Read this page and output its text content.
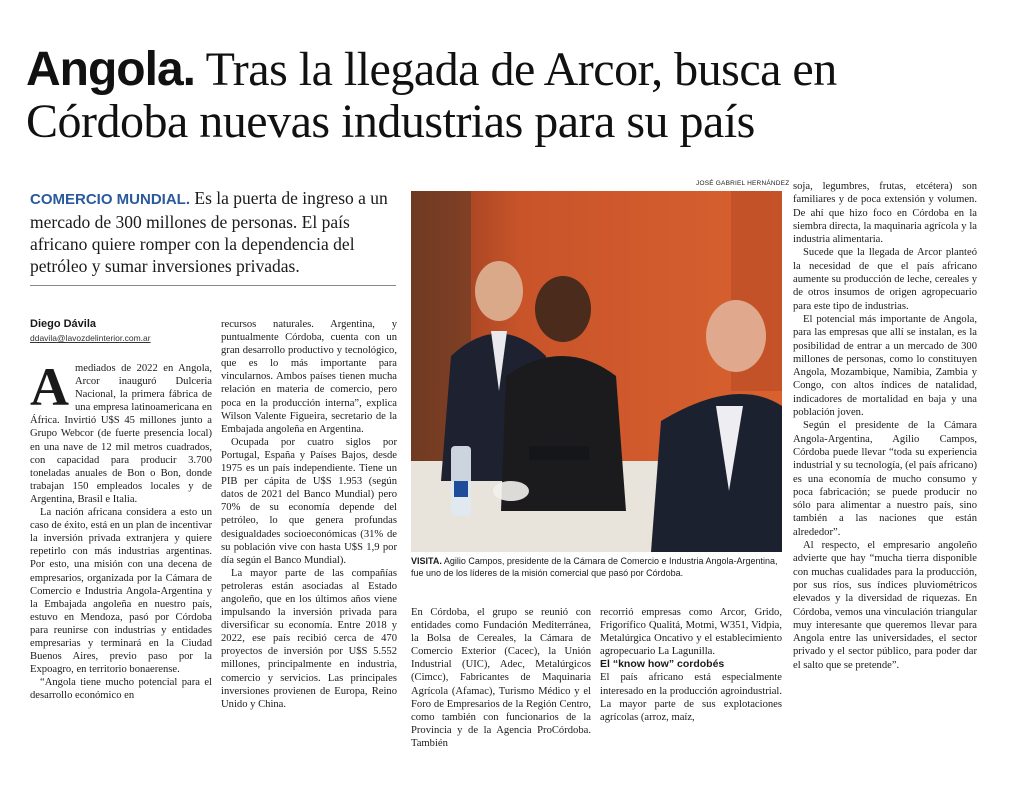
Angola. Tras la llegada de Arcor, busca en Córdoba nuevas industrias para su país
COMERCIO MUNDIAL. Es la puerta de ingreso a un mercado de 300 millones de personas. El país africano quiere romper con la dependencia del petróleo y sumar inversiones privadas.
Diego Dávila
ddavila@lavozdelinterior.com.ar

Amediados de 2022 en Angola, Arcor inauguró Dulceria Nacional, la primera fábrica de una empresa latinoamericana en África. Invirtió U$S 45 millones junto a Grupo Webcor (de fuerte presencia local) en una nave de 12 mil metros cuadrados, con capacidad para producir 3.700 toneladas anuales de Bon o Bon, donde trabajan 150 empleados locales y de Argentina, Brasil e Italia.

La nación africana considera a esto un caso de éxito, está en un plan de incentivar la inversión privada extranjera y quiere repetirlo con más industrias argentinas. Por esto, una misión con una decena de empresarios, organizada por la Cámara de Comercio e Industria Angola-Argentina y la Embajada angoleña en nuestro país, estuvo en Mendoza, pasó por Córdoba para reunirse con industrias y entidades empresarias y terminará en la Ciudad Buenos Aires, previo paso por la Expoagro, en territorio bonaerense.

“Angola tiene mucho potencial para el desarrollo económico en

recursos naturales. Argentina, y puntualmente Córdoba, cuenta con un gran desarrollo productivo y tecnológico, que es lo más importante para vincularnos. Ambos países tienen mucha relación en materia de comercio, pero poca en la producción interna”, explica Wilson Valente Figueira, secretario de la Embajada angoleña en Argentina.

Ocupada por cuatro siglos por Portugal, España y Países Bajos, desde 1975 es un país independiente. Tiene un PIB per cápita de U$S 1.953 (según datos de 2021 del Banco Mundial) pero 70% de su economía depende del petróleo, lo que genera profundas desigualdades socioeconómicas (31% de su población vive con hasta U$S 1,9 por día según el Banco Mundial).

La mayor parte de las compañías petroleras están asociadas al Estado angoleño, que en los últimos años viene impulsando la inversión privada para diversificar su economía. Entre 2018 y 2022, ese país recibió cerca de 470 proyectos de inversión por U$S 5.552 millones, principalmente en industria, comercio y servicios. Las principales inversiones provienen de Europa, Reino Unido y China.

JOSÉ GABRIEL HERNÁNDEZ
VISITA. Agilio Campos, presidente de la Cámara de Comercio e Industria Angola-Argentina, fue uno de los líderes de la misión comercial que pasó por Córdoba.

En Córdoba, el grupo se reunió con entidades como Fundación Mediterránea, la Bolsa de Cereales, la Cámara de Comercio Exterior (Cacec), la Unión Industrial (UIC), Adec, Metalúrgicos (Cimcc), Fabricantes de Maquinaria Agrícola (Afamac), Turismo Médico y el Foro de Empresarios de la Región Centro, como también con funcionarios de la Provincia y de la Agencia ProCórdoba. También

recorrió empresas como Arcor, Grido, Frigorífico Qualitá, Motmi, W351, Vidpia, Metalúrgica Oncativo y el establecimiento agropecuario La Lagunilla.

El “know how” cordobés

El país africano está especialmente interesado en la producción agroindustrial. La mayor parte de sus explotaciones agrícolas (arroz, maíz,

soja, legumbres, frutas, etcétera) son familiares y de poca extensión y volumen. De ahí que hizo foco en Córdoba en la siembra directa, la maquinaria agrícola y la industria alimentaria.

Sucede que la llegada de Arcor planteó la necesidad de que el país africano aumente su producción de leche, cereales y de otros insumos de origen agropecuario para este tipo de industrias.

El potencial más importante de Angola, para las empresas que allí se instalan, es la posibilidad de entrar a un mercado de 300 millones de personas, como lo constituyen Angola, Mozambique, Namibia, Zambia y Congo, con altos índices de natalidad, indicadores de mortalidad en baja y una población joven.

Según el presidente de la Cámara Angola-Argentina, Agilio Campos, Córdoba puede llevar “toda su experiencia industrial y su tecnología, (el país africano) es una economía de mucho consumo y poca fabricación; se puede producir no sólo para alimentar a nuestro país, sino también a las naciones que están alrededor”.

Al respecto, el empresario angoleño advierte que hay “mucha tierra disponible con muchas cualidades para la producción, por sus ríos, sus índices pluviométricos elevados y la diversidad de riquezas. En Córdoba, vemos una vinculación triangular muy interesante que queremos llevar para Angola entre las universidades, el sector privado y el sector público, para poder dar el salto que se pretende”.
